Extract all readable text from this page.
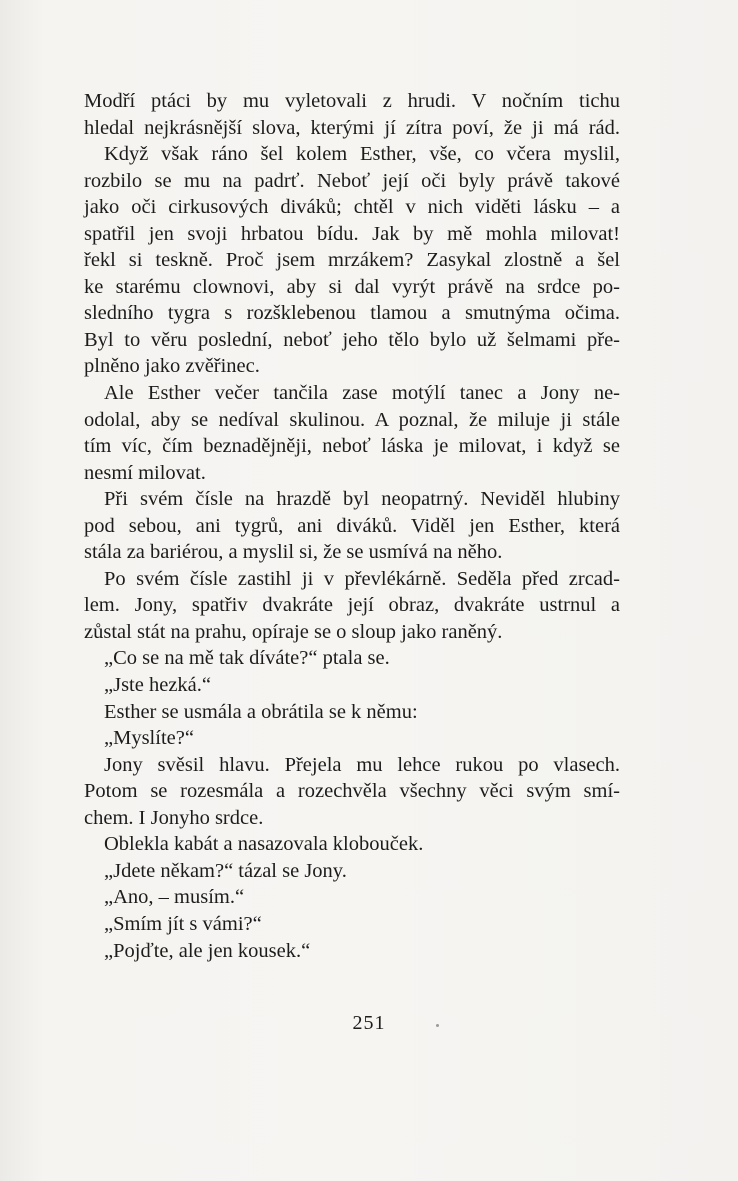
Modří ptáci by mu vyletovali z hrudi. V nočním tichu
hledal nejkrásnější slova, kterými jí zítra poví, že ji má rád.
Když však ráno šel kolem Esther, vše, co včera myslil,
rozbilo se mu na padrť. Neboť její oči byly právě takové
jako oči cirkusových diváků; chtěl v nich viděti lásku – a
spatřil jen svoji hrbatou bídu. Jak by mě mohla milovat!
řekl si teskně. Proč jsem mrzákem? Zasykal zlostně a šel
ke starému clownovi, aby si dal vyrýt právě na srdce po-
sledního tygra s rozšklebenou tlamou a smutnýma očima.
Byl to věru poslední, neboť jeho tělo bylo už šelmami pře-
plněno jako zvěřinec.
Ale Esther večer tančila zase motýlí tanec a Jony ne-
odolal, aby se nedíval skulinou. A poznal, že miluje ji stále
tím víc, čím beznadějněji, neboť láska je milovat, i když se
nesmí milovat.
Při svém čísle na hrazdě byl neopatrný. Neviděl hlubiny
pod sebou, ani tygrů, ani diváků. Viděl jen Esther, která
stála za bariérou, a myslil si, že se usmívá na něho.
Po svém čísle zastihl ji v převlékárně. Seděla před zrcad-
lem. Jony, spatřiv dvakráte její obraz, dvakráte ustrnul a
zůstal stát na prahu, opíraje se o sloup jako raněný.
„Co se na mě tak díváte?“ ptala se.
„Jste hezká.“
Esther se usmála a obrátila se k němu:
„Myslíte?“
Jony svěsil hlavu. Přejela mu lehce rukou po vlasech.
Potom se rozesmála a rozechvěla všechny věci svým smí-
chem. I Jonyho srdce.
Oblekla kabát a nasazovala klobouček.
„Jdete někam?“ tázal se Jony.
„Ano, – musím.“
„Smím jít s vámi?“
„Pojďte, ale jen kousek.“
251
